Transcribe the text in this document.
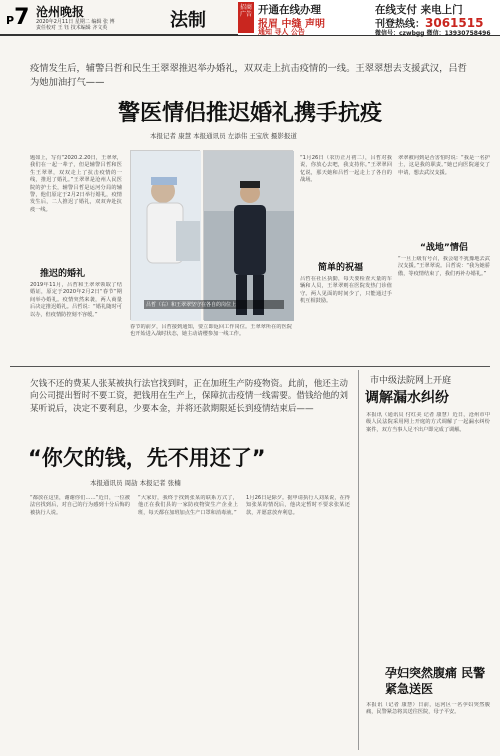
P7 沧州晚报
2020年2月11日 星期二 编辑 张 博
责任校对 王 钰 技术编辑 齐文英	法制
招商广告 开通在线办理
报眉 中缝 声明
通知 寻人 公告
在线支付 来电上门
刊登热线：3061515
微信号：czwbgg 微信：13930758496
疫情发生后，辅警吕哲和民生王翠翠推迟举办婚礼，双双走上抗击疫情的一线。王翠翠想去支援武汉，吕哲为她加油打气——
警医情侣推迟婚礼携手抗疫
本报记者 康慧 本报通讯员 左添伟 王宝欣 摄影报道
题如上，写有“2020.2.20日，王翠翠，我们在一起一辈子，但是辅警吕哲和医生王翠翠，双双走上了抗击疫情的一线，推迟了婚礼。”王翠翠是沧州人民医院的护士长，辅警吕哲是运河分局的辅警，他们原定于2月2日举行婚礼，疫情发生后，二人推迟了婚礼，双双奔赴抗疫一线。
推迟的婚礼
2019年11月，吕哲和王翠翠领取了结婚证，原定于2020年2月2日“春节”期间举办婚礼。疫情突然来袭，两人商量后决定推迟婚礼。吕哲说：“婚礼随时可以办，但疫情防控刻不容缓。”
吕哲（右）和王翠翠坚守在各自的岗位上
春节的前夕，吕哲接到通知，要立即返回工作岗位。王翠翠所在的医院也开始进入战时状态，她主动请缨参加一线工作。
“1月26日（农历正月初二），吕哲对我说，你放心去吧，我支持你。”王翠翠回忆说，那天她和吕哲一起走上了各自的战场。
简单的祝福
吕哲在社区执勤，每天要检查大量的车辆和人员，王翠翠则在医院发热门诊值守。两人见面的时间少了，只能通过手机互相鼓励。
翠翠被问到是否害怕时说：“我是一名护士，这是我的职责。”她已向医院递交了申请，想去武汉支援。
“战地”情侣
“一旦上级有号召，我会毫不犹豫地去武汉支援。”王翠翠说。吕哲说：“我为她骄傲，等疫情结束了，我们再补办婚礼。”
欠钱不还的费某人张某被执行法官找到时，正在加班生产防疫物资。此前，他还主动向公司提出暂时不要工资，把钱用在生产上，保障抗击疫情一线需要。借钱给他的刘某听说后，决定不要利息，少要本金，并将还款期限延长到疫情结束后——
“你欠的钱，先不用还了”
本报通讯员 周劼 本报记者 张楠
“都放在这里，谢谢你们……”近日，一位被法官找到后，对自己的行为感到十分后悔的被执行人说。
“大家好，我终于找到张某的联系方式了，他正在我们县的一家防疫物资生产企业上班，每天都在加班加点生产口罩和消毒液。”
1月26日是除夕。据申请执行人刘某说，在得知张某的情况后，他决定暂时不要求张某还款，并愿意放弃利息。
市中级法院网上开庭
调解漏水纠纷
本报讯（通讯员 付红美 记者 康慧）近日，沧州市中级人民法院采用网上开庭的方式调解了一起漏水纠纷案件，双方当事人足不出户即完成了调解。
孕妇突然腹痛 民警紧急送医
本报讯（记者 康慧）日前，运河区一名孕妇突然腹痛，民警紧急将其送往医院，母子平安。
